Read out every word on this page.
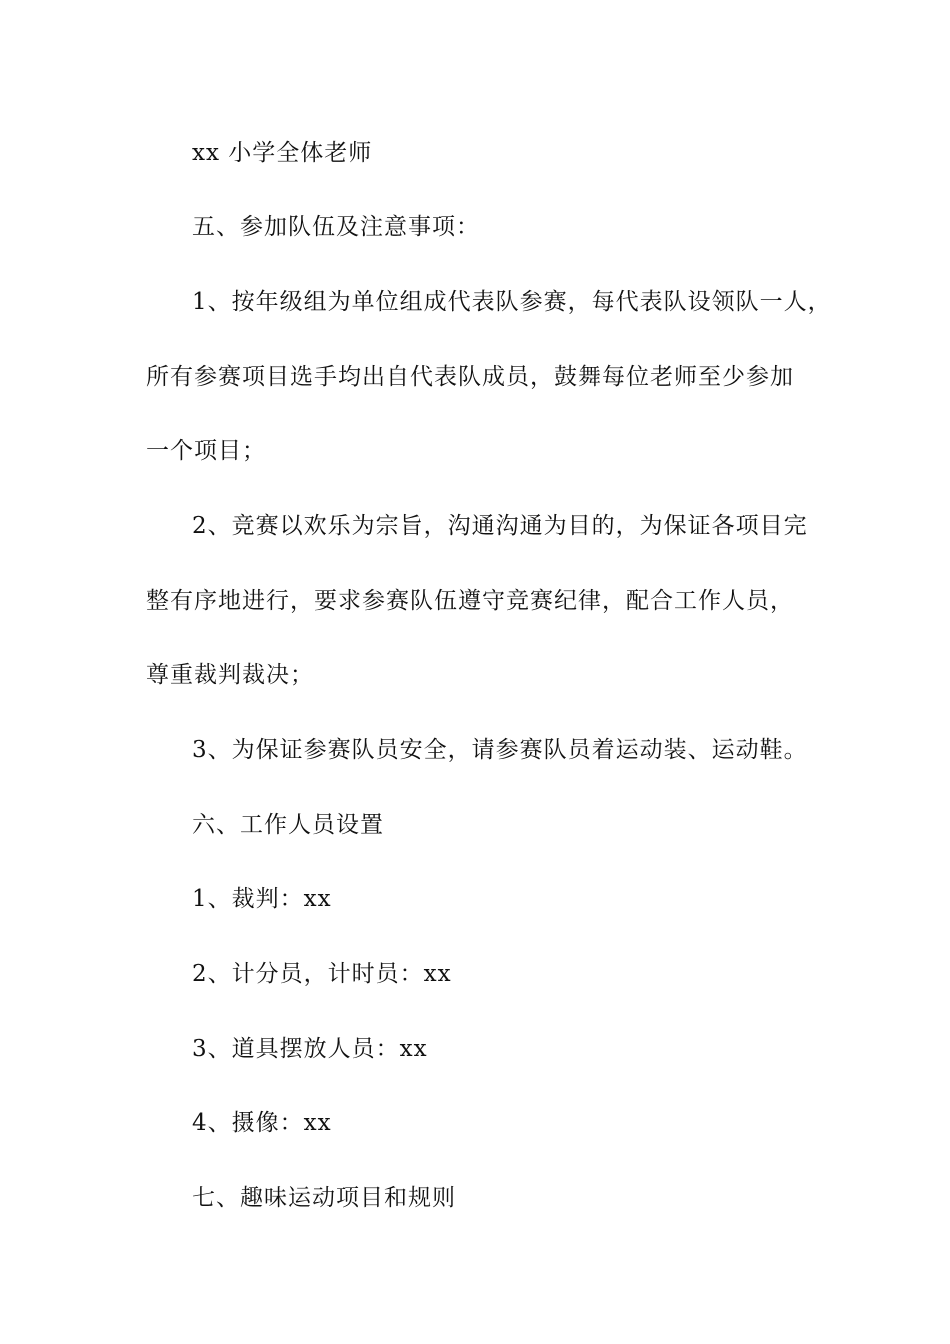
xx 小学全体老师
五、参加队伍及注意事项：
1、按年级组为单位组成代表队参赛，每代表队设领队一人，
所有参赛项目选手均出自代表队成员，鼓舞每位老师至少参加
一个项目；
2、竞赛以欢乐为宗旨，沟通沟通为目的，为保证各项目完
整有序地进行，要求参赛队伍遵守竞赛纪律，配合工作人员，
尊重裁判裁决；
3、为保证参赛队员安全，请参赛队员着运动装、运动鞋。
六、工作人员设置
1、裁判：xx
2、计分员，计时员：xx
3、道具摆放人员：xx
4、摄像：xx
七、趣味运动项目和规则
